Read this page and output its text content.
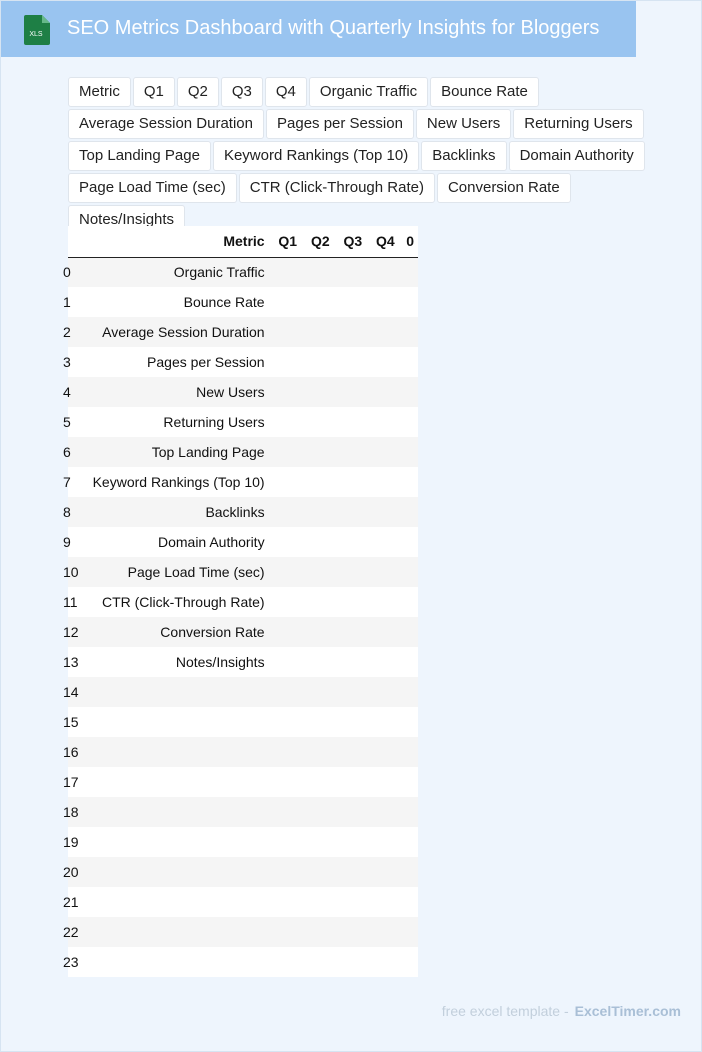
XLS SEO Metrics Dashboard with Quarterly Insights for Bloggers
Metric	Q1	Q2	Q3	Q4	Organic Traffic	Bounce Rate
Average Session Duration	Pages per Session	New Users	Returning Users
Top Landing Page	Keyword Rankings (Top 10)	Backlinks	Domain Authority
Page Load Time (sec)	CTR (Click-Through Rate)	Conversion Rate
Notes/Insights
	Metric	Q1	Q2	Q3	Q4	0
0	Organic Traffic					
1	Bounce Rate					
2	Average Session Duration					
3	Pages per Session					
4	New Users					
5	Returning Users					
6	Top Landing Page					
7	Keyword Rankings (Top 10)					
8	Backlinks					
9	Domain Authority					
10	Page Load Time (sec)					
11	CTR (Click-Through Rate)					
12	Conversion Rate					
13	Notes/Insights					
14						
15						
16						
17						
18						
19						
20						
21						
22						
23						
free excel template - ExcelTimer.com
